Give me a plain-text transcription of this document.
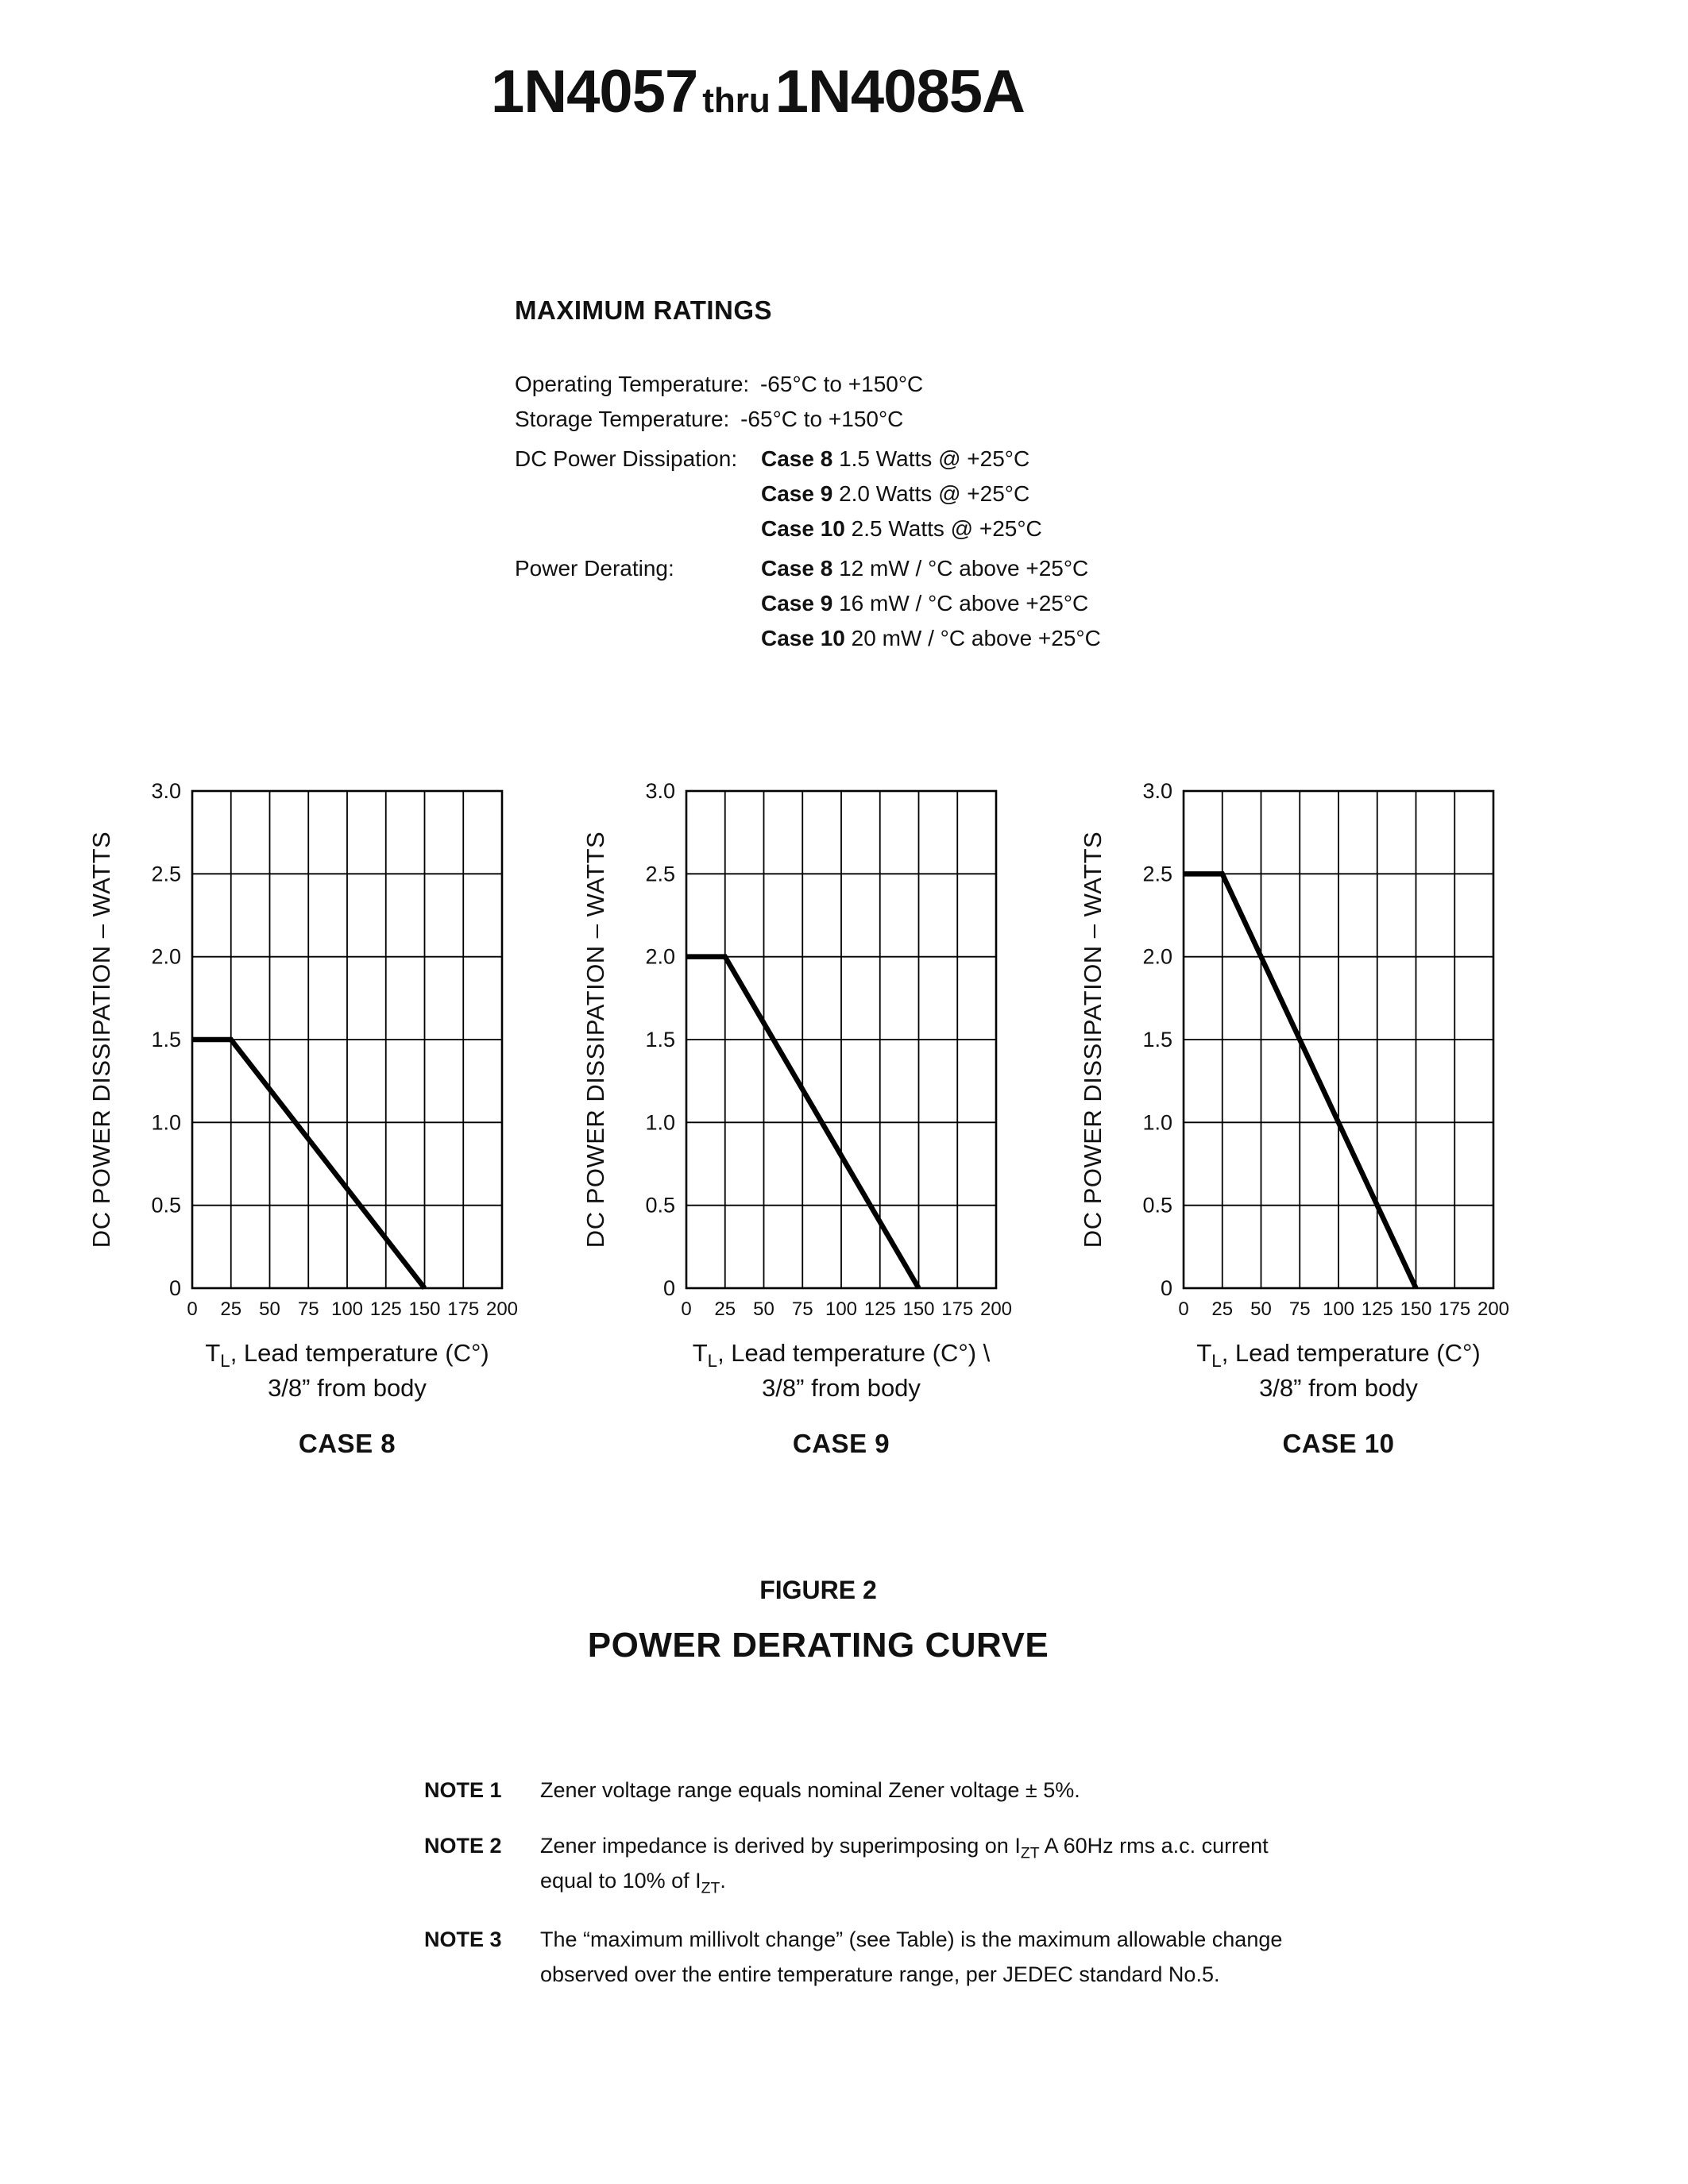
1N4057 thru1N4085A
MAXIMUM RATINGS
Operating Temperature: -65°C to +150°C
Storage Temperature: -65°C to +150°C
DC Power Dissipation:	Case 8 1.5 Watts @ +25°C
Case 9 2.0 Watts @ +25°C
Case 10 2.5 Watts @ +25°C
Power Derating:	Case 8 12 mW / °C above +25°C
Case 9 16 mW / °C above +25°C
Case 10 20 mW / °C above +25°C
3.0
2.5
2.0
1.5
1.0
0.5
0
0 25 50 75 100 125 150 175 200
DC POWER DISSIPATION – WATTS
3.0
2.5
2.0
1.5
1.0
0.5
0
0 25 50 75 100 125 150 175 200
DC POWER DISSIPATION – WATTS
3.0
2.5
2.0
1.5
1.0
0.5
0
0 25 50 75 100 125 150 175 200
DC POWER DISSIPATION – WATTS
$T_L$, Lead temperature (C°)
3/8” from body
CASE 8
$T_L$, Lead temperature (C°) \
3/8” from body
CASE 9
$T_L$, Lead temperature (C°)
3/8” from body
CASE 10
FIGURE 2
POWER DERATING CURVE
NOTE 1	Zener voltage range equals nominal Zener voltage ± 5%.
NOTE 2	Zener impedance is derived by superimposing on $I_{ZT}$ A 60Hz rms a.c. current
equal to 10% of $I_{ZT}$.
NOTE 3	The “maximum millivolt change” (see Table) is the maximum allowable change
observed over the entire temperature range, per JEDEC standard No.5.
